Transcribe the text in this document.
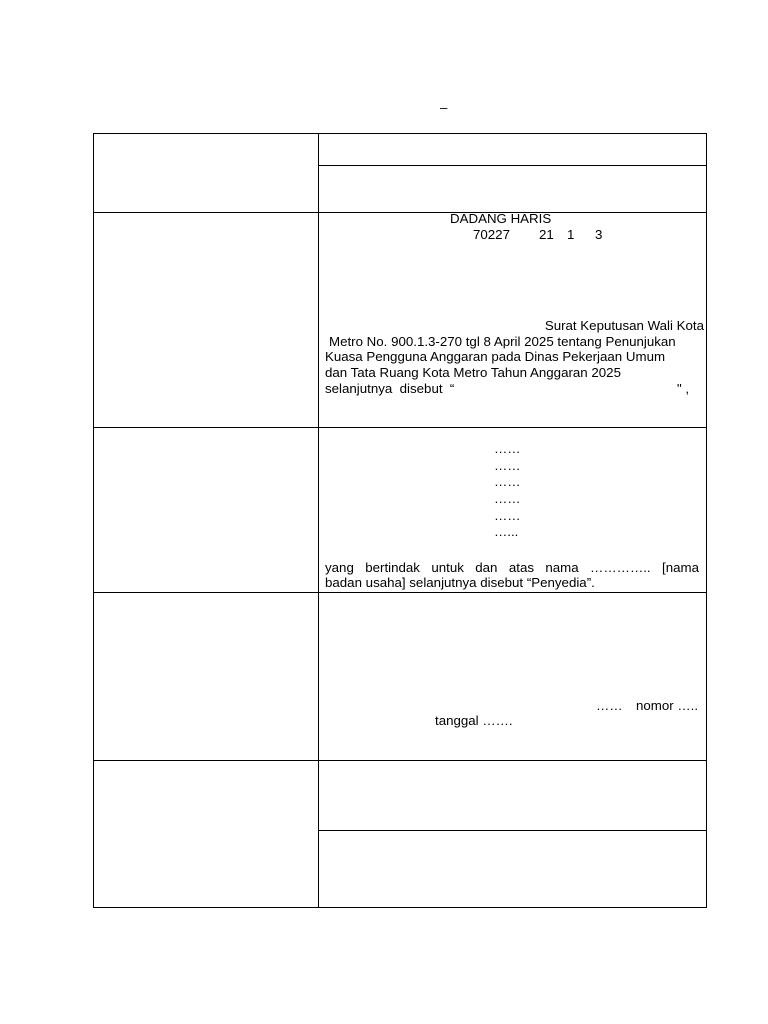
–
DADANG HARIS
70227 21 1 3
Surat Keputusan Wali Kota
Metro No. 900.1.3-270 tgl 8 April 2025 tentang Penunjukan
Kuasa Pengguna Anggaran pada Dinas Pekerjaan Umum
dan Tata Ruang Kota Metro Tahun Anggaran 2025
selanjutnya  disebut  “	" ,
……
……
……
……
……
…...
yang bertindak untuk dan atas nama ………….. [nama
badan usaha] selanjutnya disebut “Penyedia”.
…… nomor …..
tanggal …….
